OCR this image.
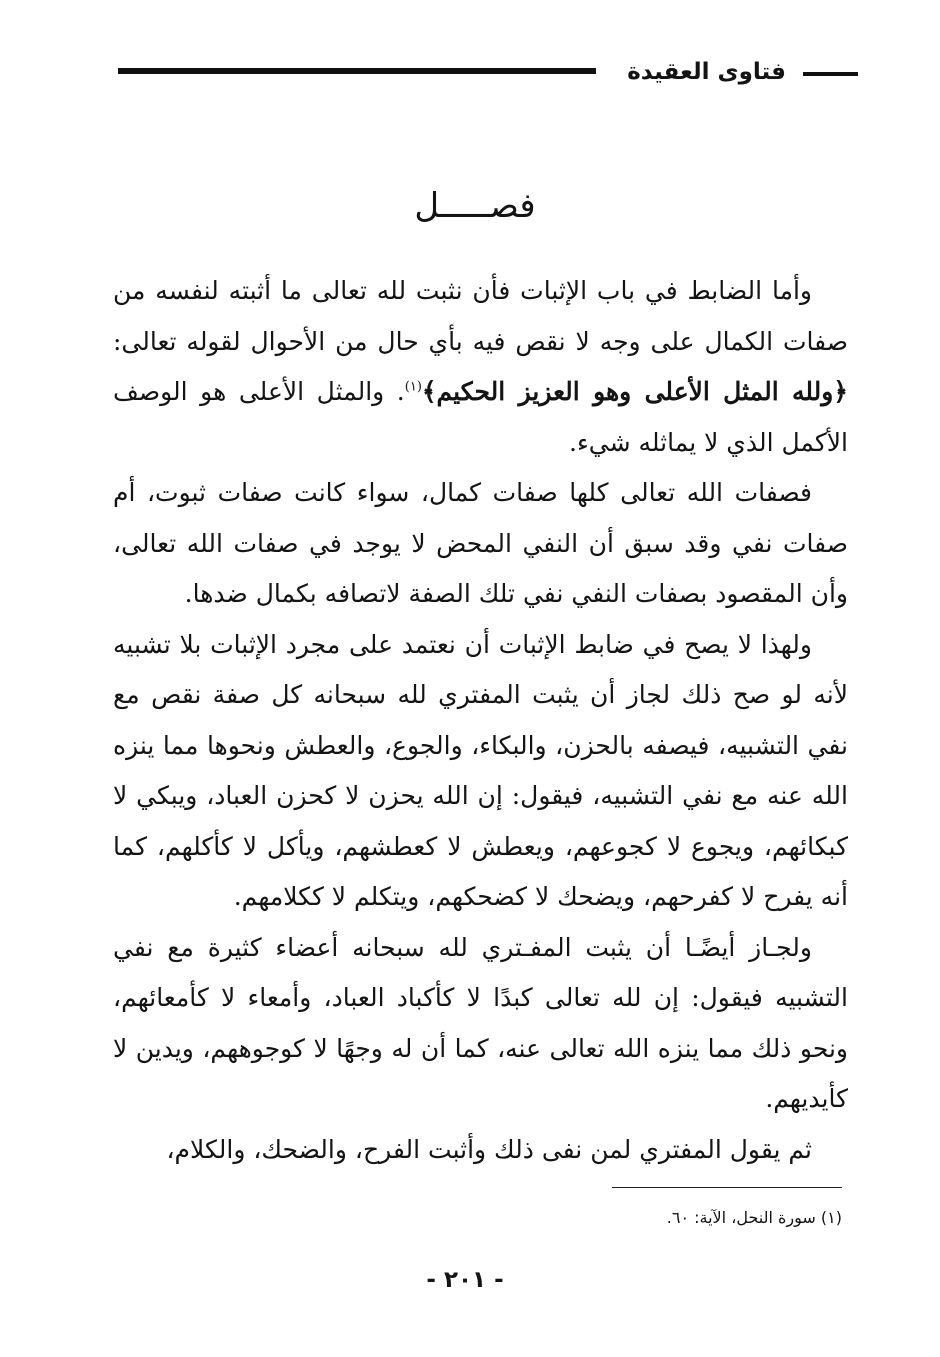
فتاوى العقيدة
فصـــــل

وأما الضابط في باب الإثبات فأن نثبت لله تعالى ما أثبته لنفسه من صفات الكمال على وجه لا نقص فيه بأي حال من الأحوال لقوله تعالى: ﴿ولله المثل الأعلى وهو العزيز الحكيم﴾$^{(١)}$. والمثل الأعلى هو الوصف الأكمل الذي لا يماثله شيء.

فصفات الله تعالى كلها صفات كمال، سواء كانت صفات ثبوت، أم صفات نفي وقد سبق أن النفي المحض لا يوجد في صفات الله تعالى، وأن المقصود بصفات النفي نفي تلك الصفة لاتصافه بكمال ضدها.

ولهذا لا يصح في ضابط الإثبات أن نعتمد على مجرد الإثبات بلا تشبيه لأنه لو صح ذلك لجاز أن يثبت المفتري لله سبحانه كل صفة نقص مع نفي التشبيه، فيصفه بالحزن، والبكاء، والجوع، والعطش ونحوها مما ينزه الله عنه مع نفي التشبيه، فيقول: إن الله يحزن لا كحزن العباد، ويبكي لا كبكائهم، ويجوع لا كجوعهم، ويعطش لا كعطشهم، ويأكل لا كأكلهم، كما أنه يفرح لا كفرحهم، ويضحك لا كضحكهم، ويتكلم لا ككلامهم.

ولجـاز أيضًـا أن يثبت المفـتري لله سبحانه أعضاء كثيرة مع نفي التشبيه فيقول: إن لله تعالى كبدًا لا كأكباد العباد، وأمعاء لا كأمعائهم، ونحو ذلك مما ينزه الله تعالى عنه، كما أن له وجهًا لا كوجوههم، ويدين لا كأيديهم.

ثم يقول المفتري لمن نفى ذلك وأثبت الفرح، والضحك، والكلام،

(١) سورة النحل، الآية: ٦٠.
- ٢٠١ -
